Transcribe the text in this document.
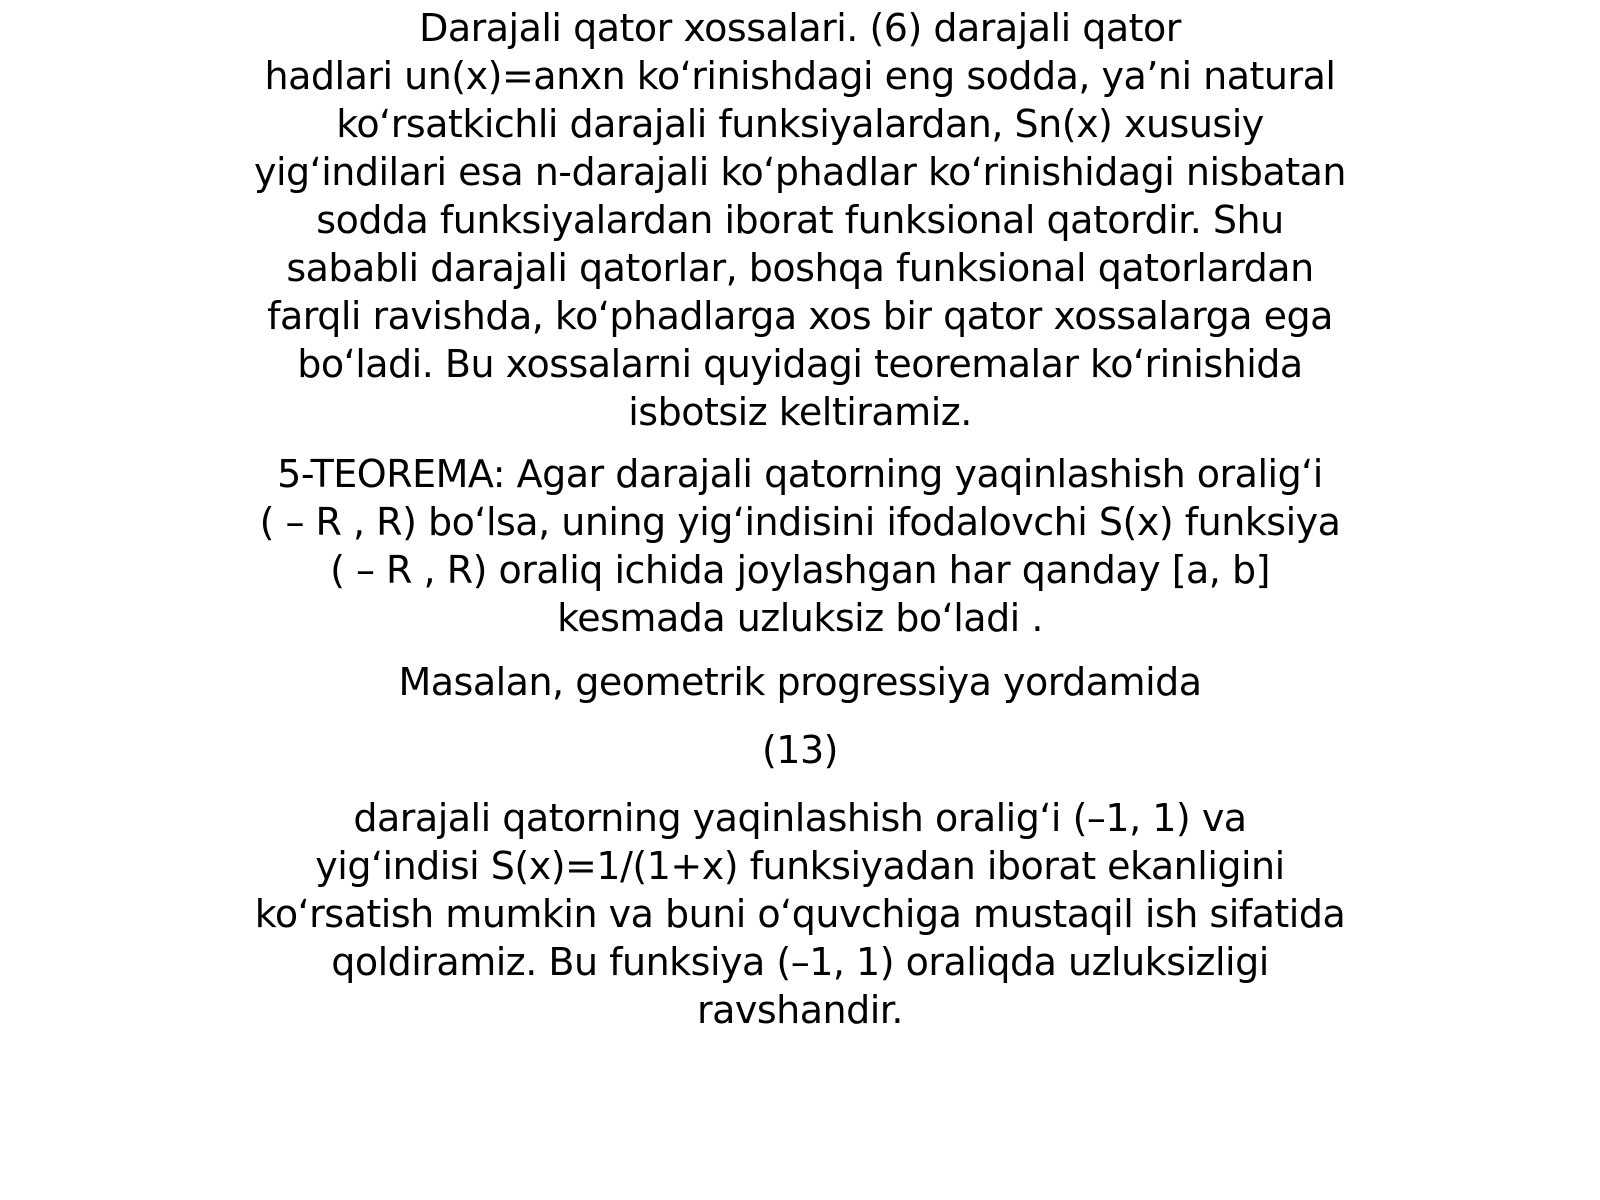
Darajali qator xossalari. (6) darajali qator
hadlari un(x)=anxn ko‘rinishdagi eng sodda, ya’ni natural
ko‘rsatkichli darajali funksiyalardan, Sn(x) xususiy
yig‘indilari esa n-darajali ko‘phadlar ko‘rinishidagi nisbatan
sodda funksiyalardan iborat funksional qatordir. Shu
sababli darajali qatorlar, boshqa funksional qatorlardan
farqli ravishda, ko‘phadlarga xos bir qator xossalarga ega
bo‘ladi. Bu xossalarni quyidagi teoremalar ko‘rinishida
isbotsiz keltiramiz.

5-TEOREMA: Agar darajali qatorning yaqinlashish oralig‘i
( – R , R) bo‘lsa, uning yig‘indisini ifodalovchi S(x) funksiya
( – R , R) oraliq ichida joylashgan har qanday [a, b]
kesmada uzluksiz bo‘ladi .

Masalan, geometrik progressiya yordamida

(13)

darajali qatorning yaqinlashish oralig‘i (–1, 1) va
yig‘indisi S(x)=1/(1+x) funksiyadan iborat ekanligini
ko‘rsatish mumkin va buni o‘quvchiga mustaqil ish sifatida
qoldiramiz. Bu funksiya (–1, 1) oraliqda uzluksizligi
ravshandir.
